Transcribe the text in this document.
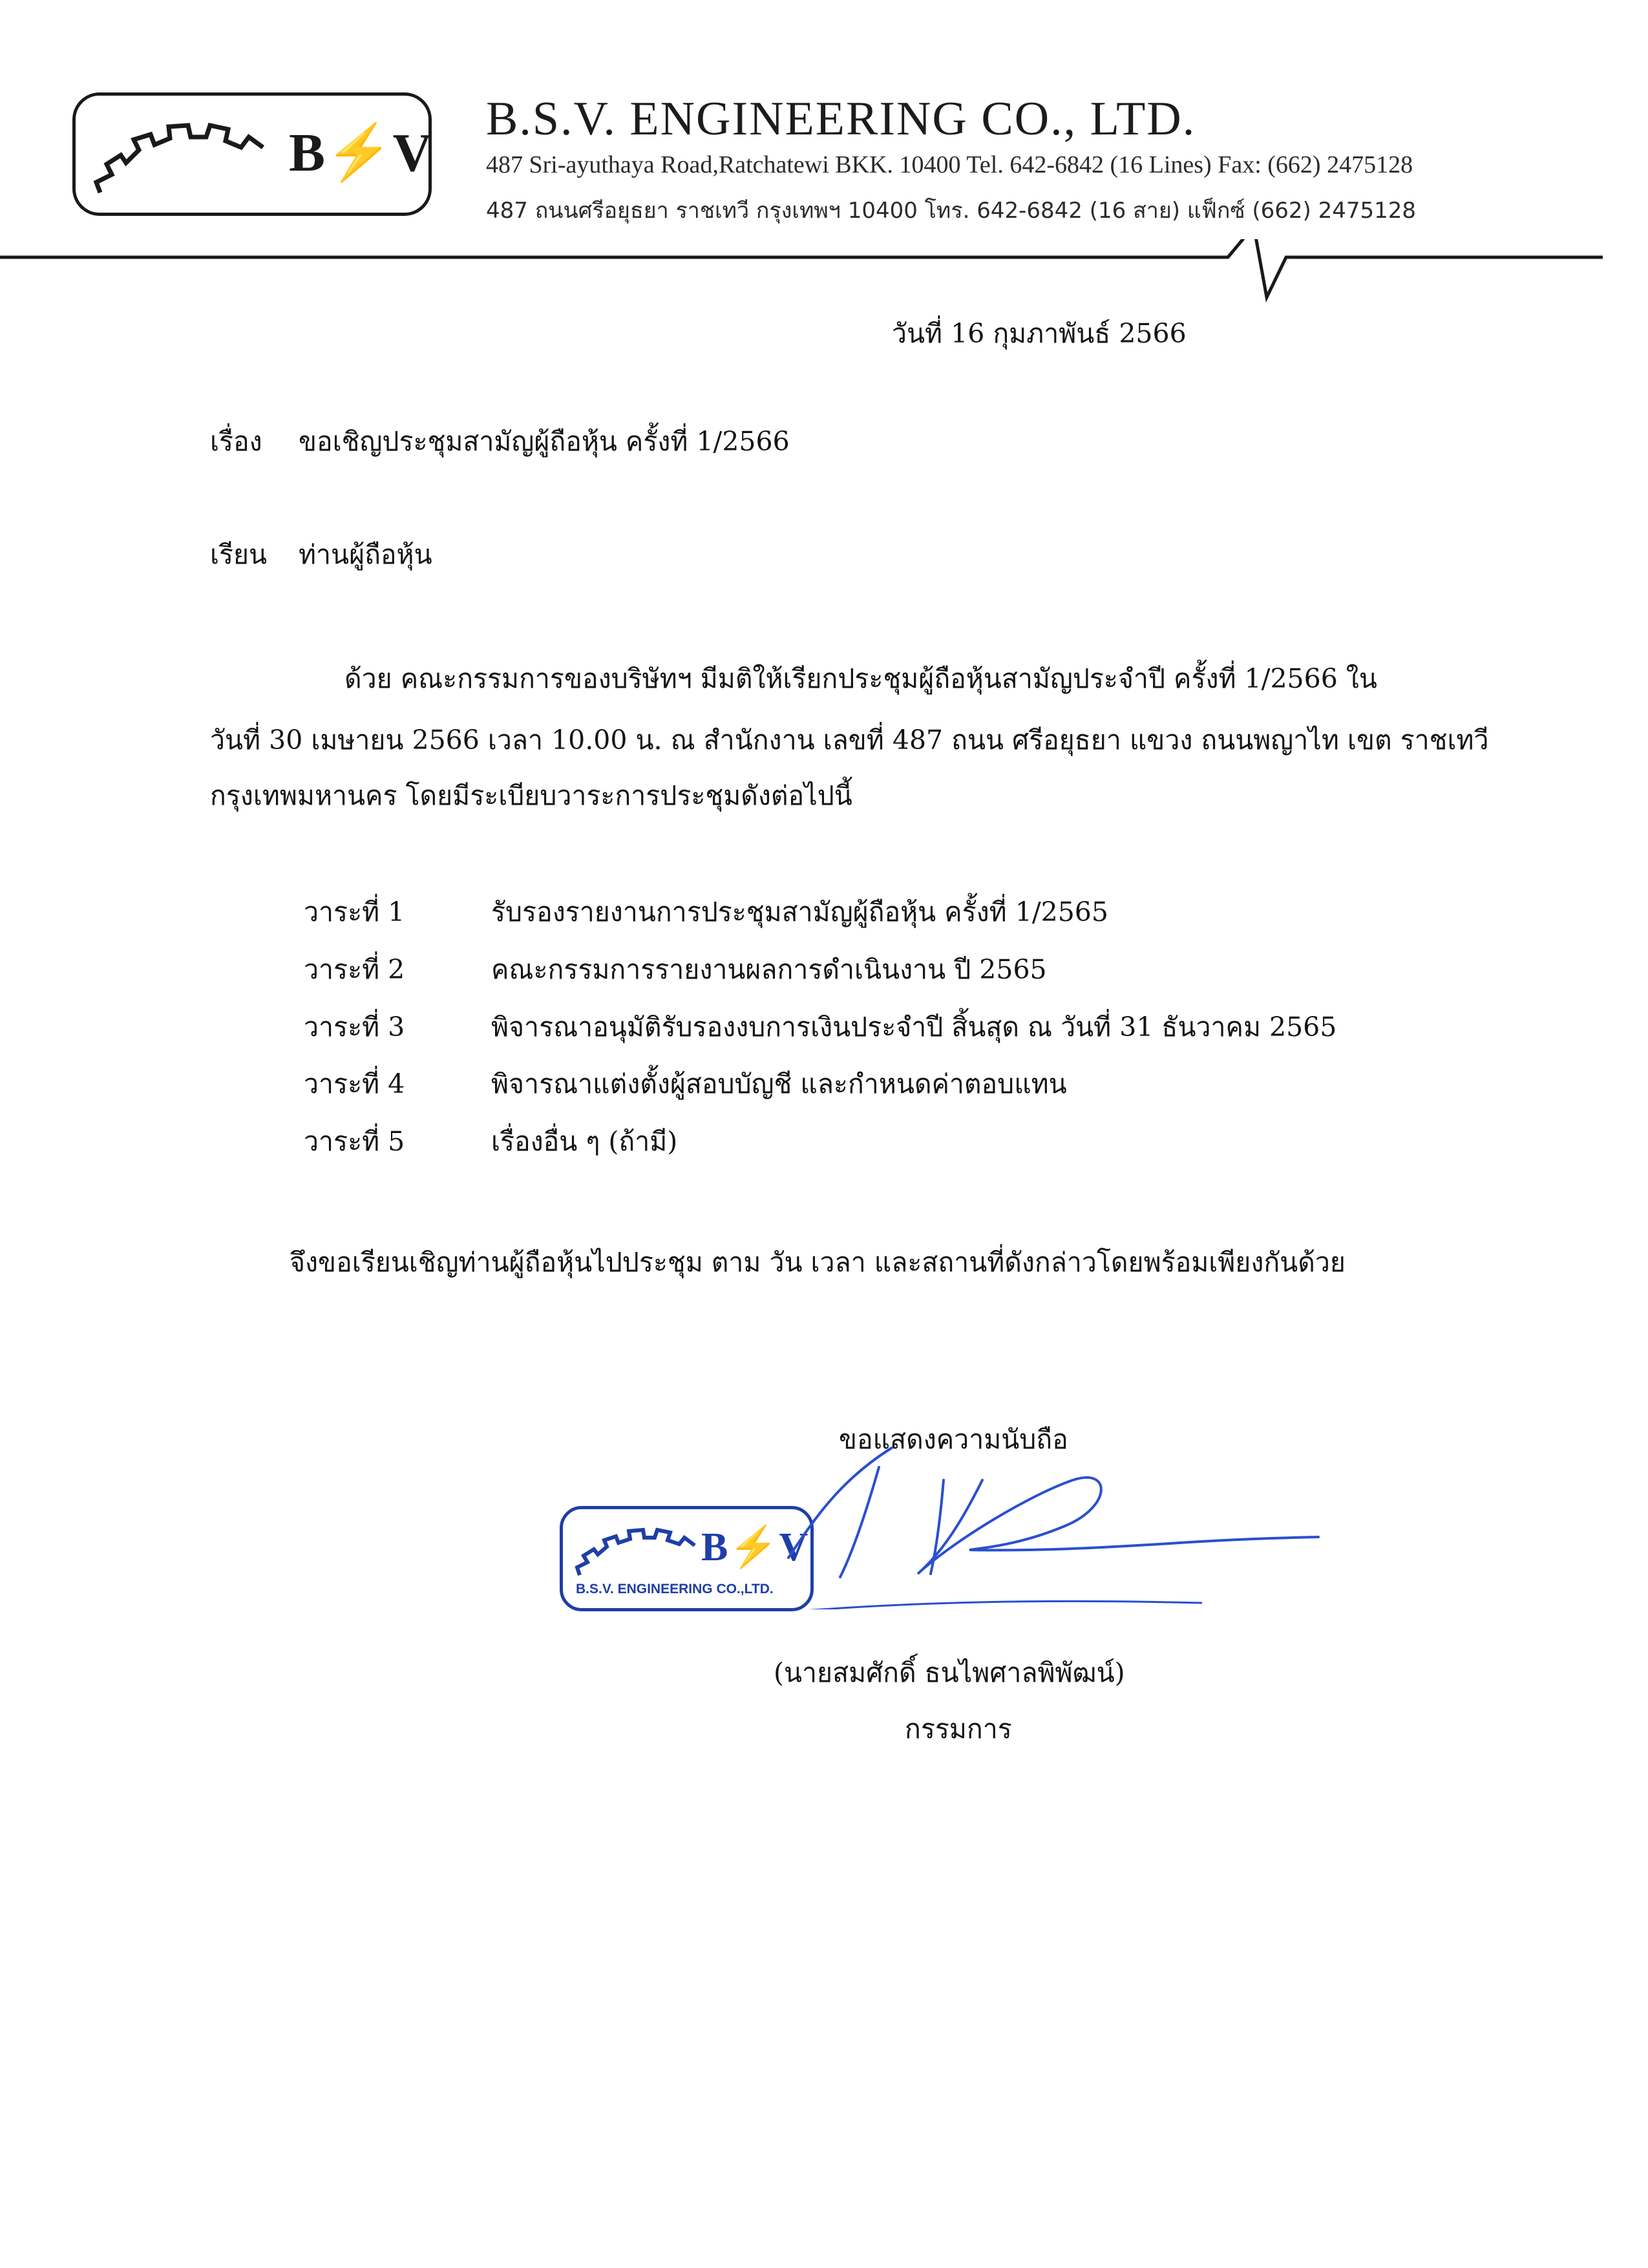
B⚡V
B.S.V. ENGINEERING CO., LTD.
487 Sri-ayuthaya Road,Ratchatewi BKK. 10400 Tel. 642-6842 (16 Lines) Fax: (662) 2475128
487 ถนนศรีอยุธยา ราชเทวี กรุงเทพฯ 10400 โทร. 642-6842 (16 สาย) แฟ็กซ์ (662) 2475128
วันที่ 16 กุมภาพันธ์ 2566
เรื่อง ขอเชิญประชุมสามัญผู้ถือหุ้น ครั้งที่ 1/2566
เรียน ท่านผู้ถือหุ้น
ด้วย คณะกรรมการของบริษัทฯ มีมติให้เรียกประชุมผู้ถือหุ้นสามัญประจำปี ครั้งที่ 1/2566 ใน
วันที่ 30 เมษายน 2566 เวลา 10.00 น. ณ สำนักงาน เลขที่ 487 ถนน ศรีอยุธยา แขวง ถนนพญาไท เขต ราชเทวี
กรุงเทพมหานคร โดยมีระเบียบวาระการประชุมดังต่อไปนี้
วาระที่ 1	รับรองรายงานการประชุมสามัญผู้ถือหุ้น ครั้งที่ 1/2565
วาระที่ 2	คณะกรรมการรายงานผลการดำเนินงาน ปี 2565
วาระที่ 3	พิจารณาอนุมัติรับรองงบการเงินประจำปี สิ้นสุด ณ วันที่ 31 ธันวาคม 2565
วาระที่ 4	พิจารณาแต่งตั้งผู้สอบบัญชี และกำหนดค่าตอบแทน
วาระที่ 5	เรื่องอื่น ๆ (ถ้ามี)
จึงขอเรียนเชิญท่านผู้ถือหุ้นไปประชุม ตาม วัน เวลา และสถานที่ดังกล่าวโดยพร้อมเพียงกันด้วย
ขอแสดงความนับถือ
B⚡V
B.S.V. ENGINEERING CO.,LTD.
(นายสมศักดิ์ ธนไพศาลพิพัฒน์)
กรรมการ
